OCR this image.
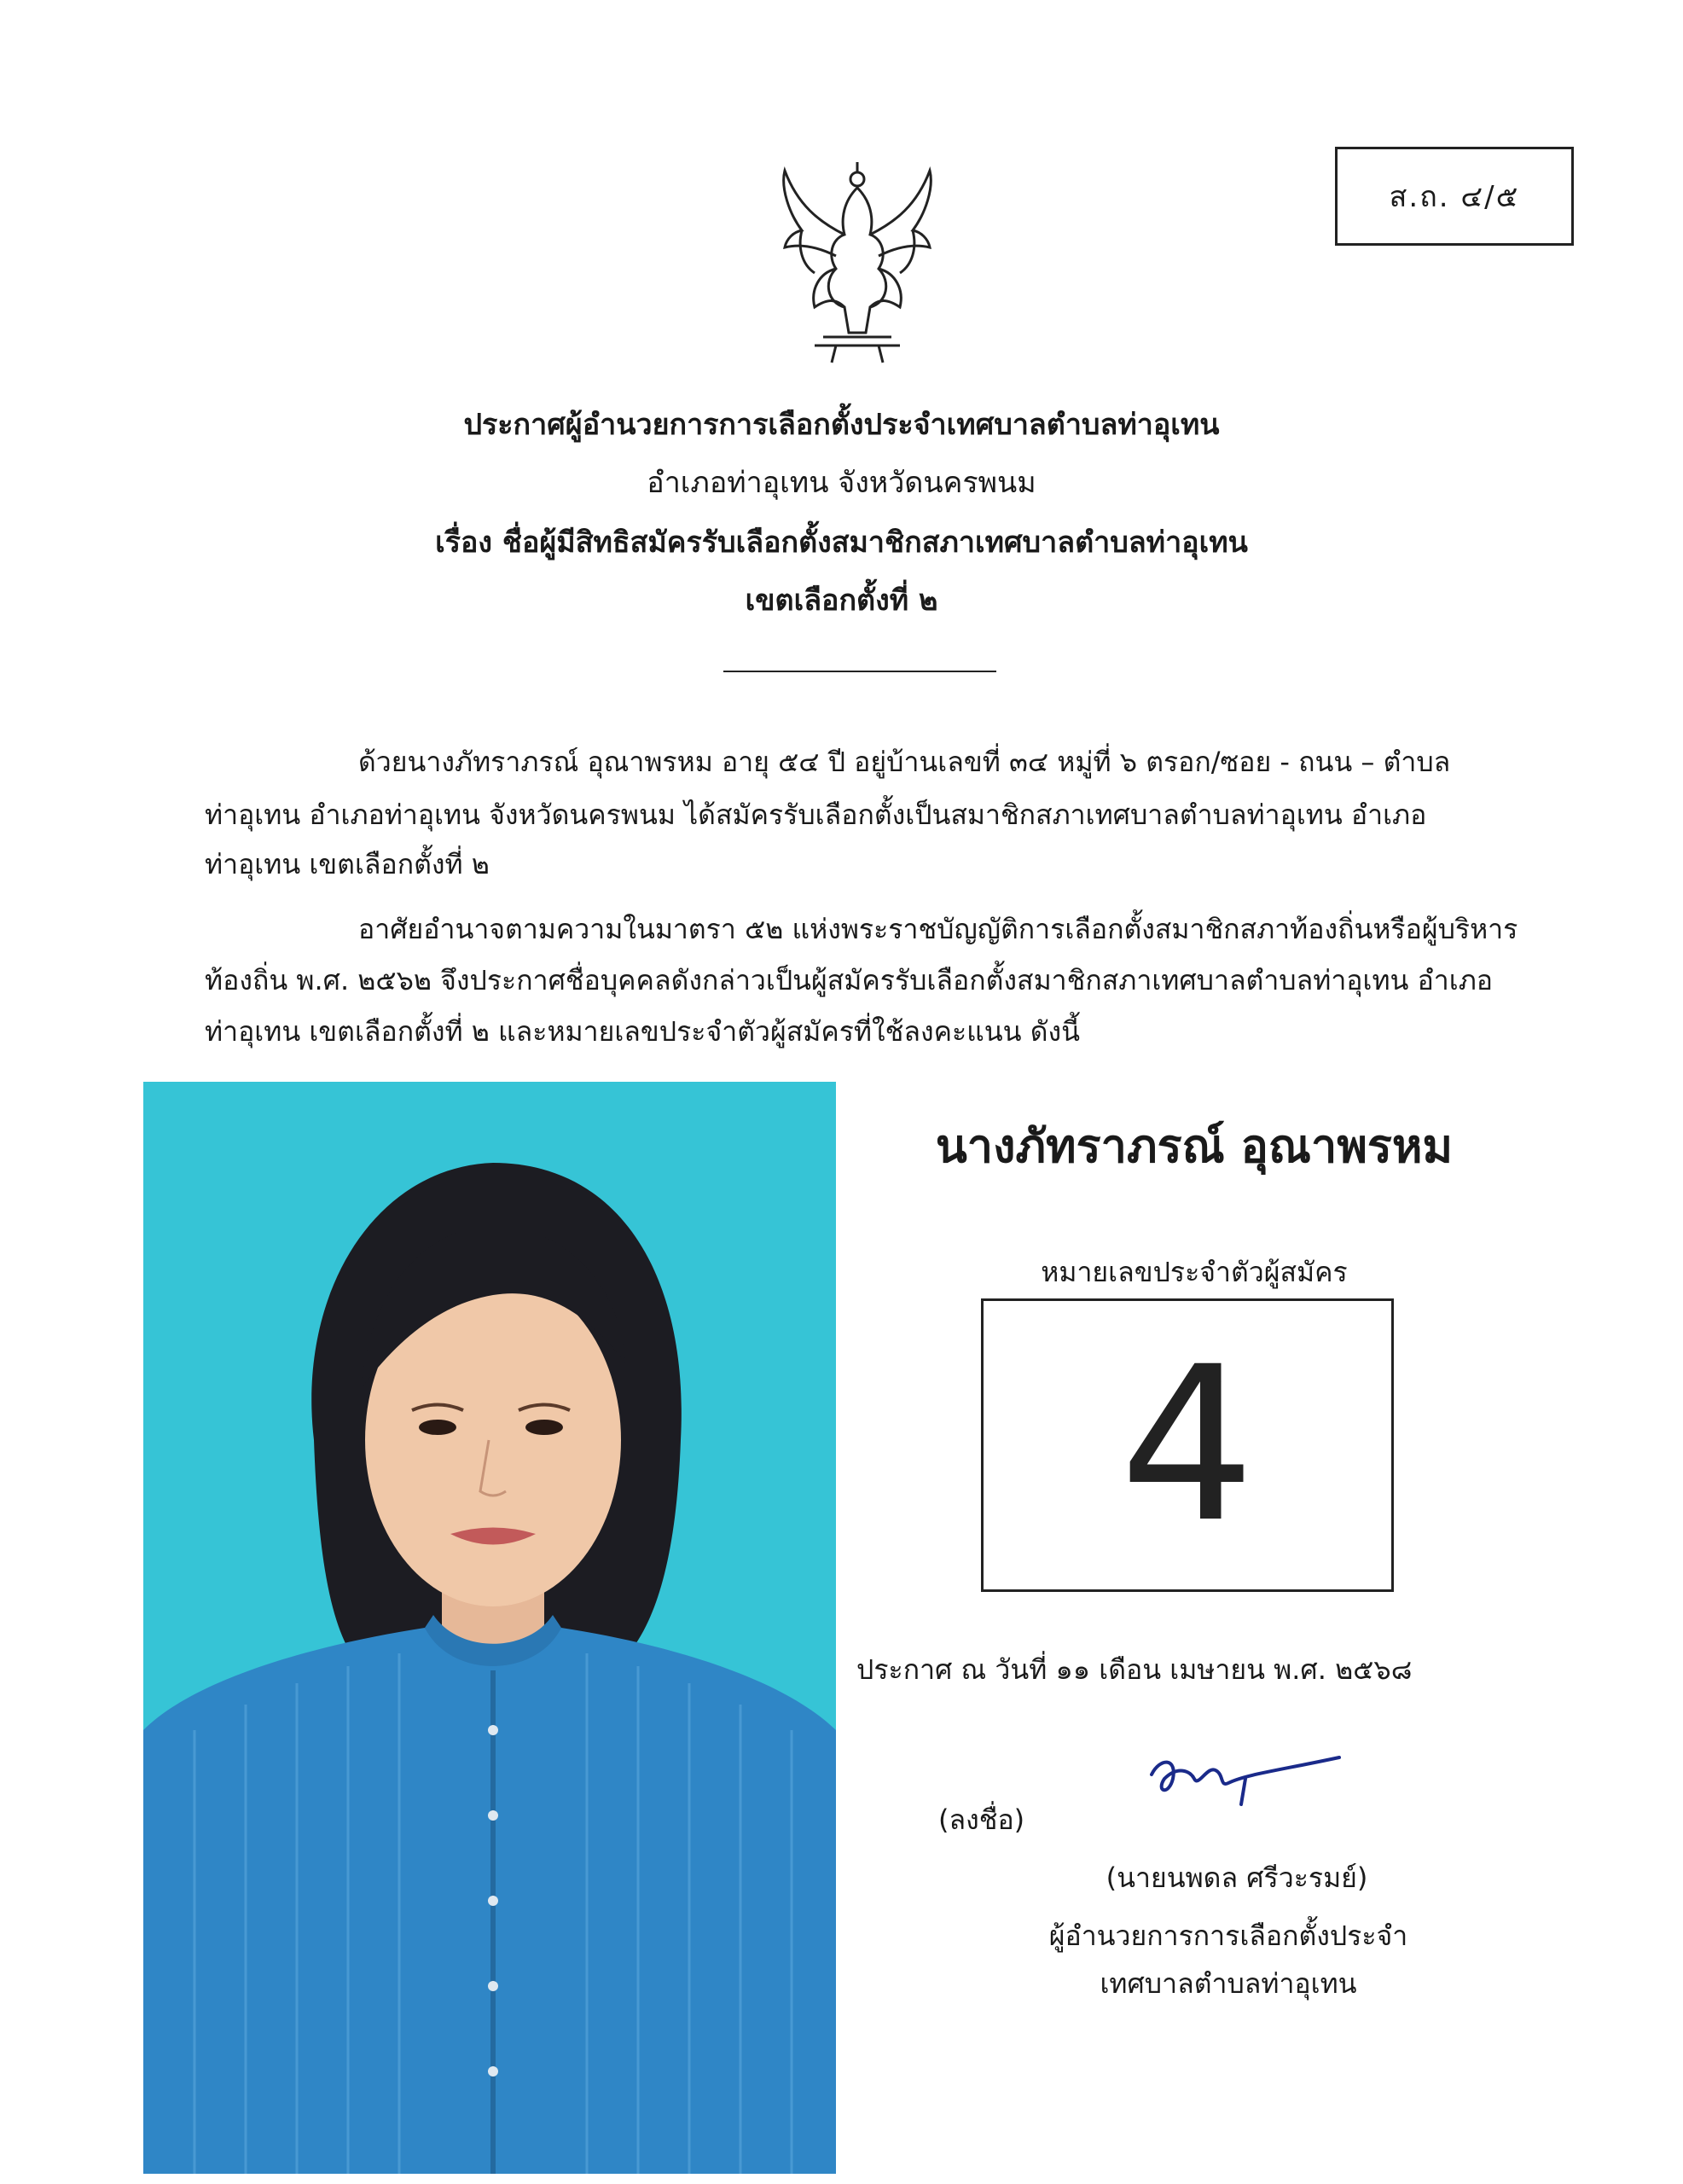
ส.ถ. ๔/๕
ประกาศผู้อำนวยการการเลือกตั้งประจำเทศบาลตำบลท่าอุเทน
อำเภอท่าอุเทน จังหวัดนครพนม
เรื่อง ชื่อผู้มีสิทธิสมัครรับเลือกตั้งสมาชิกสภาเทศบาลตำบลท่าอุเทน
เขตเลือกตั้งที่ ๒
ด้วยนางภัทราภรณ์ อุณาพรหม อายุ ๕๔ ปี อยู่บ้านเลขที่ ๓๔ หมู่ที่ ๖ ตรอก/ซอย - ถนน – ตำบล
ท่าอุเทน อำเภอท่าอุเทน จังหวัดนครพนม ได้สมัครรับเลือกตั้งเป็นสมาชิกสภาเทศบาลตำบลท่าอุเทน อำเภอ
ท่าอุเทน เขตเลือกตั้งที่ ๒
อาศัยอำนาจตามความในมาตรา ๕๒ แห่งพระราชบัญญัติการเลือกตั้งสมาชิกสภาท้องถิ่นหรือผู้บริหาร
ท้องถิ่น พ.ศ. ๒๕๖๒ จึงประกาศชื่อบุคคลดังกล่าวเป็นผู้สมัครรับเลือกตั้งสมาชิกสภาเทศบาลตำบลท่าอุเทน อำเภอ
ท่าอุเทน เขตเลือกตั้งที่ ๒ และหมายเลขประจำตัวผู้สมัครที่ใช้ลงคะแนน ดังนี้
นางภัทราภรณ์ อุณาพรหม
หมายเลขประจำตัวผู้สมัคร
4
ประกาศ ณ วันที่ ๑๑ เดือน เมษายน พ.ศ. ๒๕๖๘
(ลงชื่อ)
(นายนพดล ศรีวะรมย์)
ผู้อำนวยการการเลือกตั้งประจำ
เทศบาลตำบลท่าอุเทน
